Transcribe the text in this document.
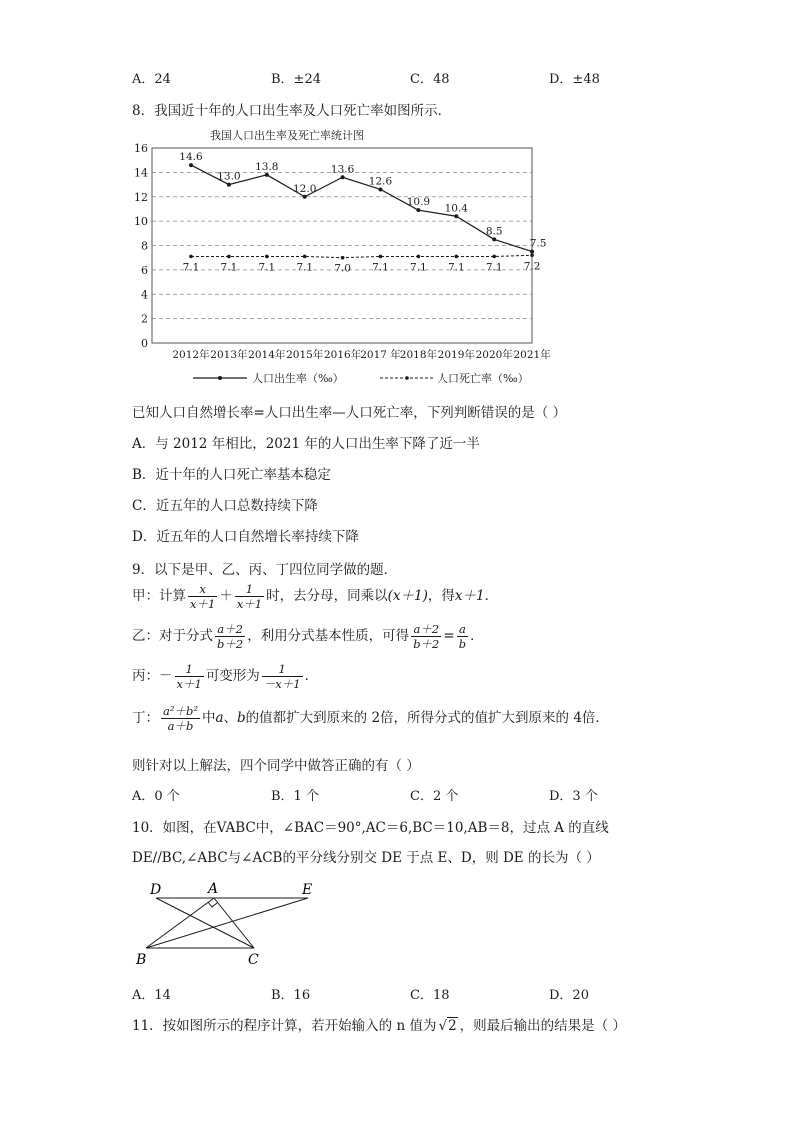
A．24	B．±24	C．48	D．±48
8．我国近十年的人口出生率及人口死亡率如图所示．
我国人口出生率及死亡率统计图
0
2
4
6
8
10
12
14
16
2012年 2013年 2014年 2015年 2016年 2017 年 2018年 2019年 2020年 2021年
14.6
13.0
13.8
12.0
13.6
12.6
10.9
10.4
8.5
7.5
7.1 7.1 7.1 7.1 7.0 7.1 7.1 7.1 7.1 7.2
人口出生率（‰）	人口死亡率（‰）
已知人口自然增长率=人口出生率—人口死亡率，下列判断错误的是（ ）
A．与 2012 年相比，2021 年的人口出生率下降了近一半
B．近十年的人口死亡率基本稳定
C．近五年的人口总数持续下降
D．近五年的人口自然增长率持续下降
9．以下是甲、乙、丙、丁四位同学做的题．
甲：计算 $\frac{x}{x+1} + \frac{1}{x+1}$ 时，去分母，同乘以(x＋1)，得x＋1．
乙：对于分式 $\frac{a+2}{b+2}$ ，利用分式基本性质，可得 $\frac{a+2}{b+2} = \frac{a}{b}$ ．
丙：－ $\frac{1}{x+1}$ 可变形为 $\frac{1}{-x+1}$ ．
丁： $\frac{\text{a²＋b²}}{a+b}$ 中a、b的值都扩大到原来的 2倍，所得分式的值扩大到原来的 4倍．
则针对以上解法，四个同学中做答正确的有（ ）
A．0 个	B．1 个	C．2 个	D．3 个
10．如图，在VABC中，∠BAC＝90°,AC＝6,BC＝10,AB＝8，过点 A 的直线
DE//BC,∠ABC与∠ACB的平分线分别交 DE 于点 E、D，则 DE 的长为（ ）
D	A	E
B	C
A．14	B．16	C．18	D．20
11．按如图所示的程序计算，若开始输入的 n 值为 √2 ，则最后输出的结果是（ ）
